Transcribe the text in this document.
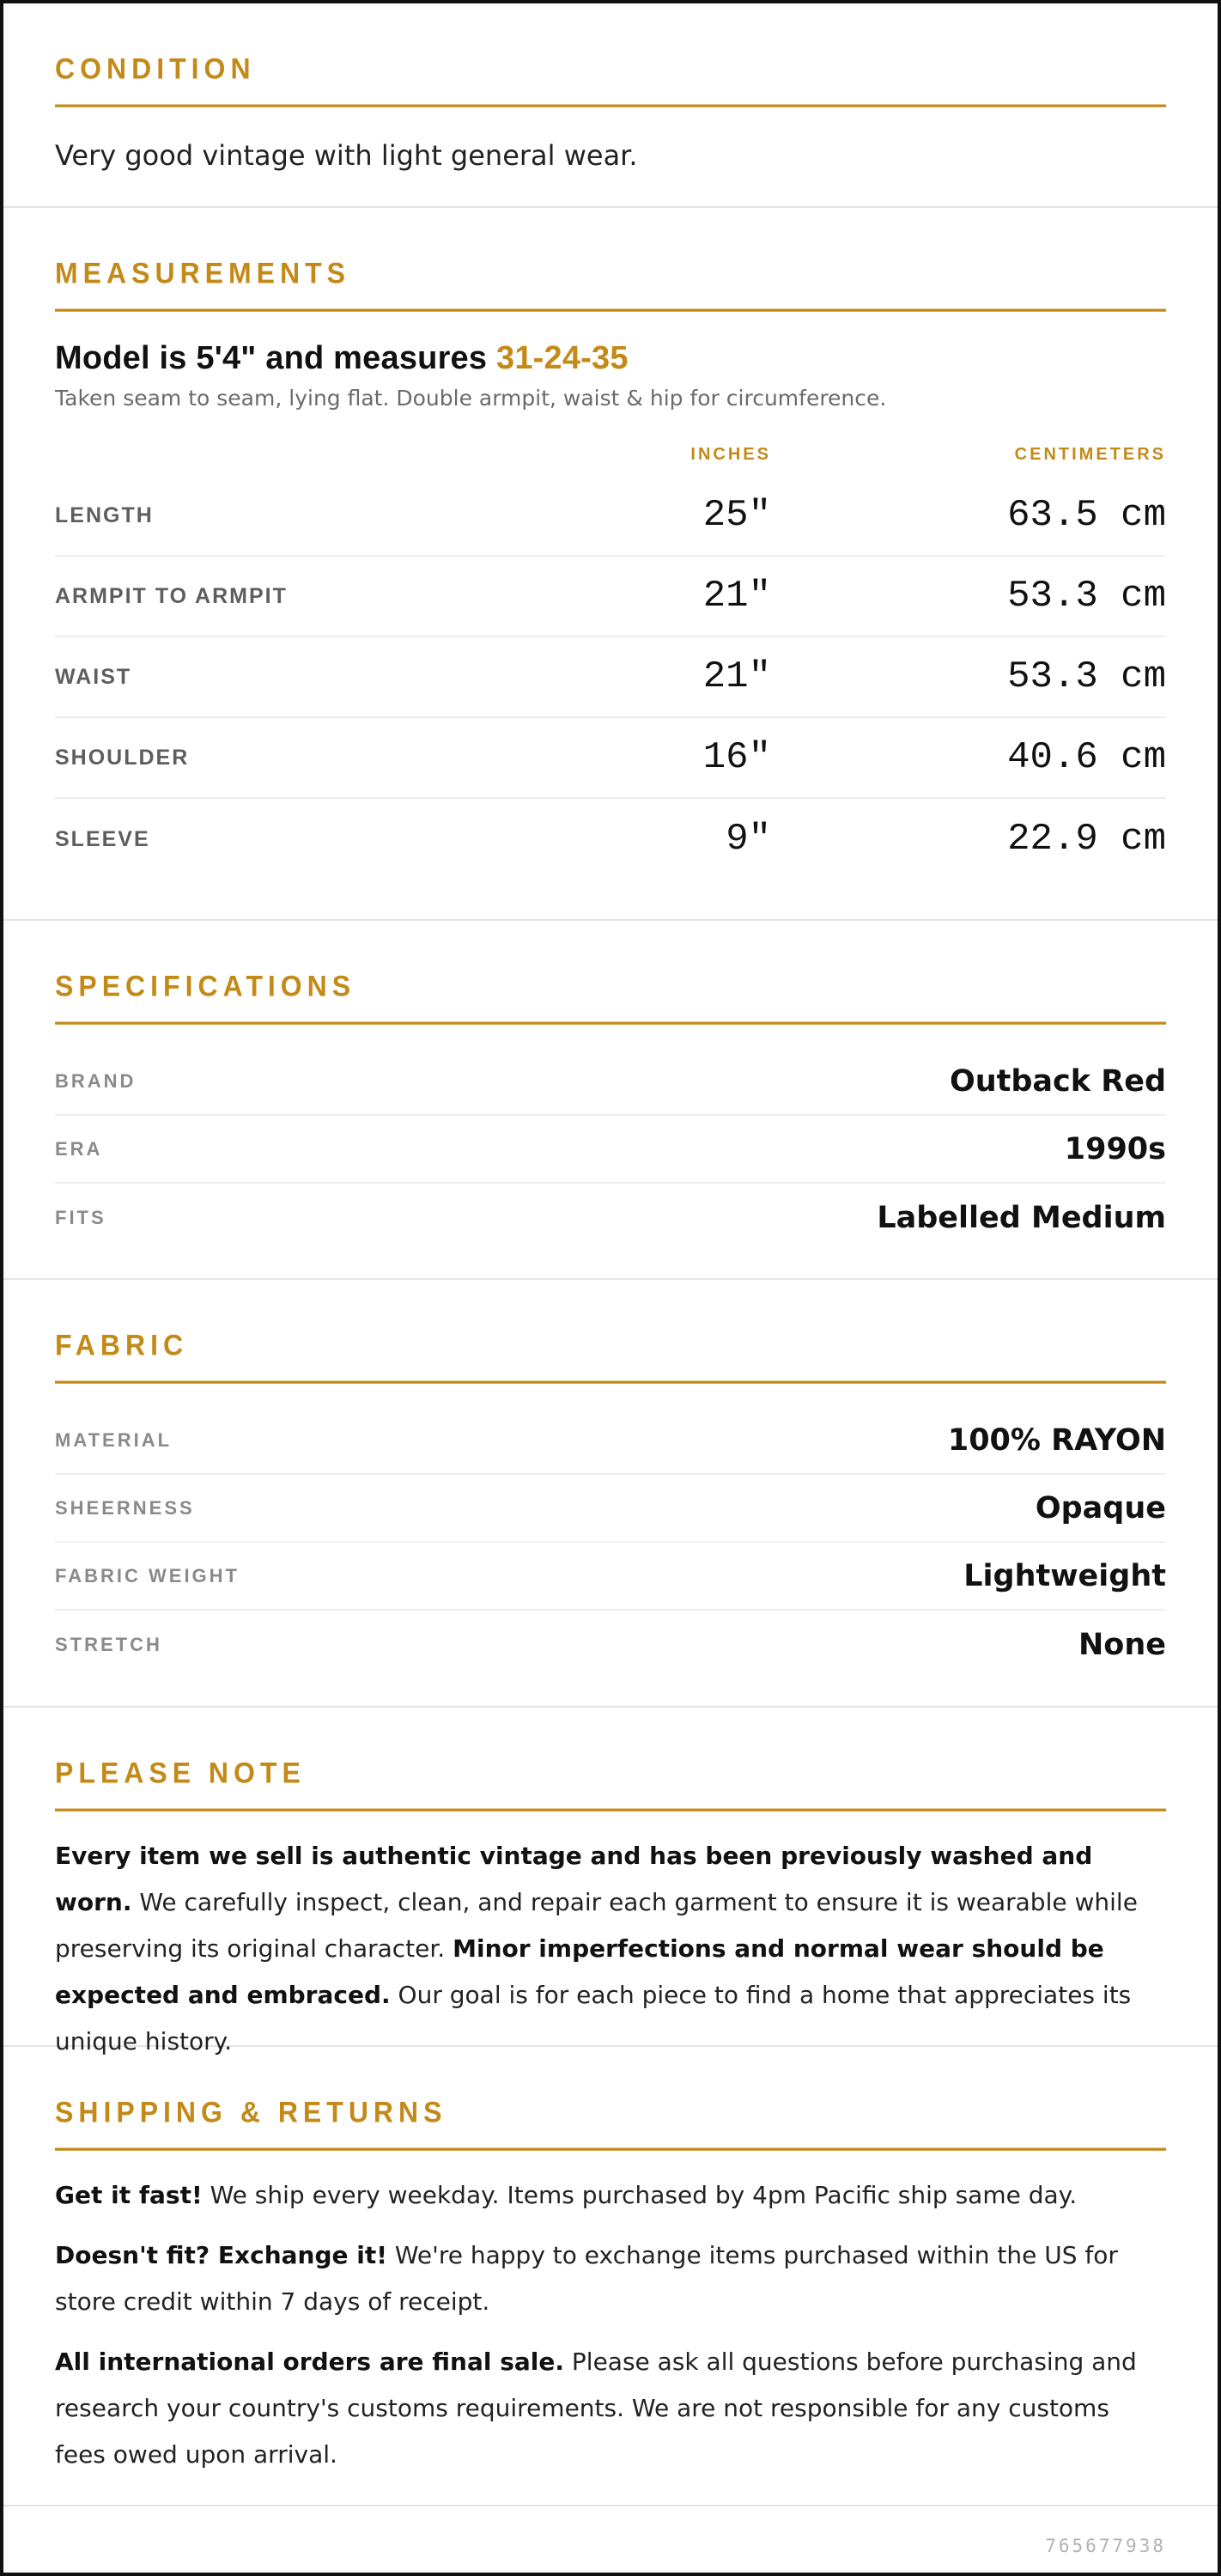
CONDITION

Very good vintage with light general wear.

MEASUREMENTS
Model is 5'4" and measures 31-24-35

Taken seam to seam, lying flat. Double armpit, waist & hip for circumference.

INCHES	CENTIMETERS
LENGTH	25"	63.5 cm
ARMPIT TO ARMPIT	21"	53.3 cm
WAIST	21"	53.3 cm
SHOULDER	16"	40.6 cm
SLEEVE	9"	22.9 cm
SPECIFICATIONS
BRAND	Outback Red
ERA	1990s
FITS	Labelled Medium
FABRIC
MATERIAL	100% RAYON
SHEERNESS	Opaque
FABRIC WEIGHT	Lightweight
STRETCH	None
PLEASE NOTE

Every item we sell is authentic vintage and has been previously washed and worn. We carefully inspect, clean, and repair each garment to ensure it is wearable while preserving its original character. Minor imperfections and normal wear should be expected and embraced. Our goal is for each piece to find a home that appreciates its unique history.

SHIPPING & RETURNS

Get it fast! We ship every weekday. Items purchased by 4pm Pacific ship same day.

Doesn't fit? Exchange it! We're happy to exchange items purchased within the US for store credit within 7 days of receipt.

All international orders are final sale. Please ask all questions before purchasing and research your country's customs requirements. We are not responsible for any customs fees owed upon arrival.

765677938
